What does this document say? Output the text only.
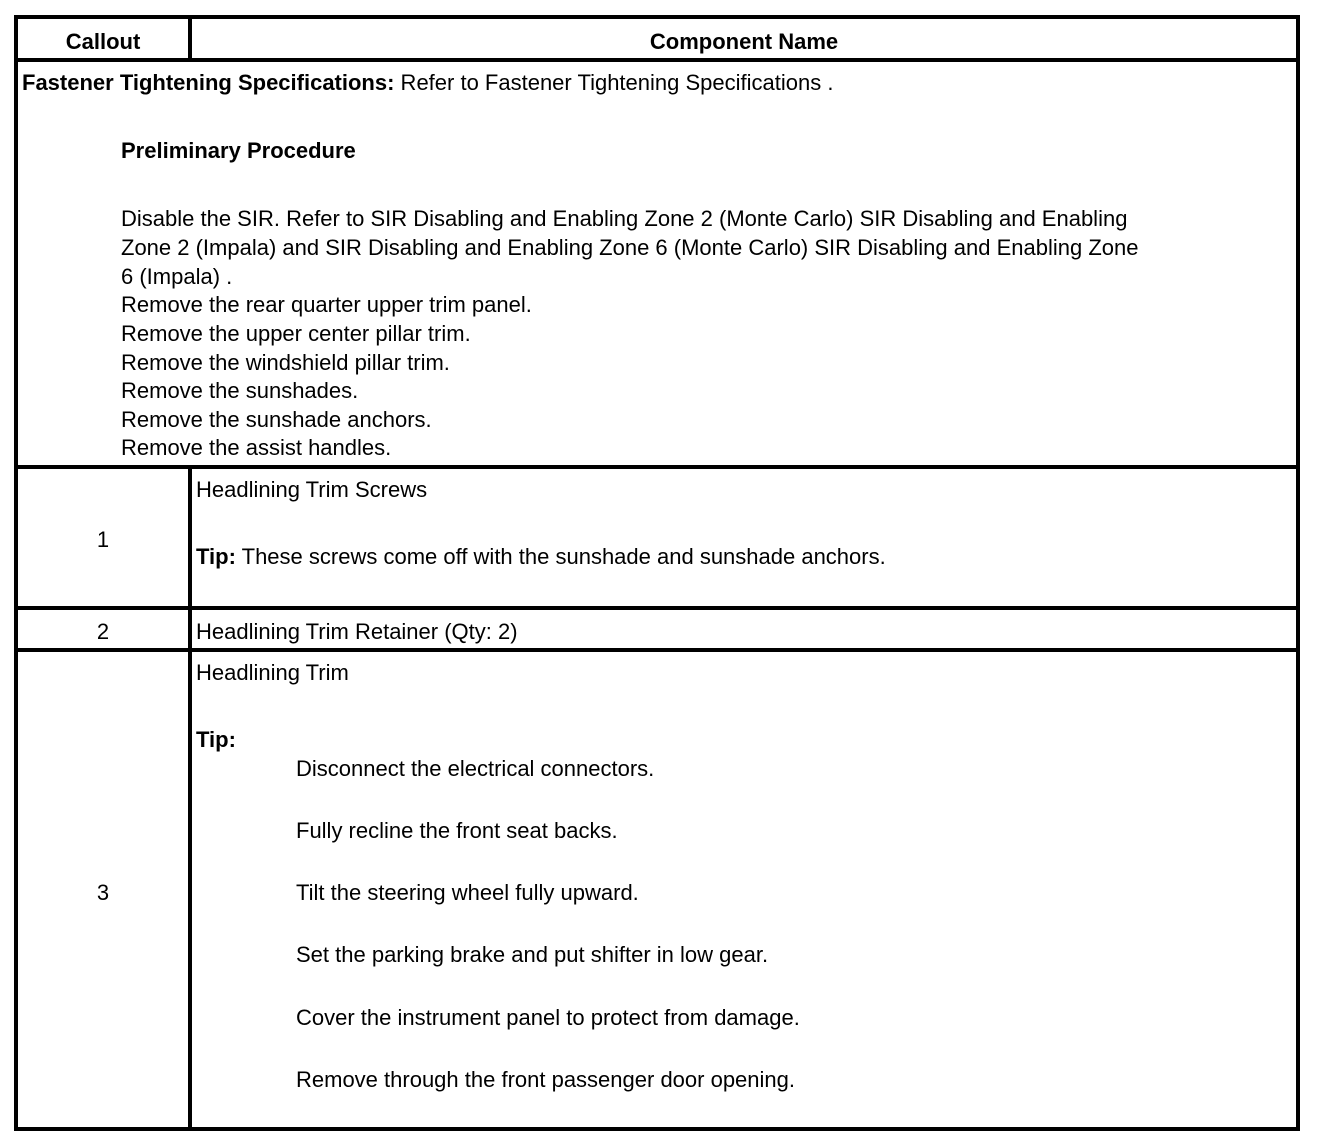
Callout	Component Name
Fastener Tightening Specifications: Refer to Fastener Tightening Specifications .
Preliminary Procedure
Disable the SIR. Refer to SIR Disabling and Enabling Zone 2 (Monte Carlo) SIR Disabling and Enabling
Zone 2 (Impala) and SIR Disabling and Enabling Zone 6 (Monte Carlo) SIR Disabling and Enabling Zone
6 (Impala) .
Remove the rear quarter upper trim panel.
Remove the upper center pillar trim.
Remove the windshield pillar trim.
Remove the sunshades.
Remove the sunshade anchors.
Remove the assist handles.
1
Headlining Trim Screws
Tip: These screws come off with the sunshade and sunshade anchors.
2	Headlining Trim Retainer (Qty: 2)
3
Headlining Trim
Tip:
Disconnect the electrical connectors.
Fully recline the front seat backs.
Tilt the steering wheel fully upward.
Set the parking brake and put shifter in low gear.
Cover the instrument panel to protect from damage.
Remove through the front passenger door opening.
